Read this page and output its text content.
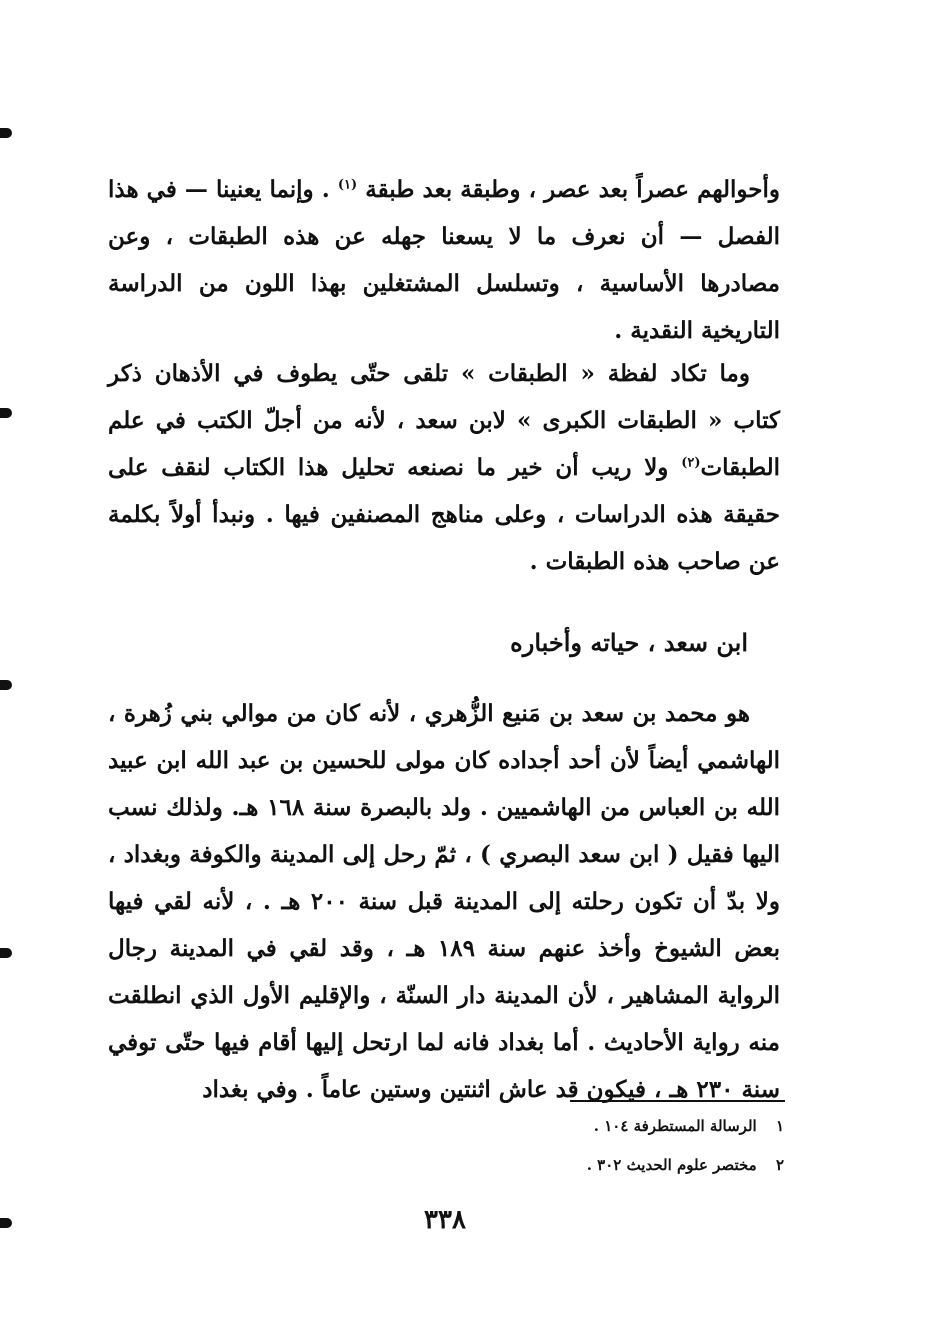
وأحوالهم عصراً بعد عصر ، وطبقة بعد طبقة $^{(١)}$ . وإنما يعنينا — في هذا الفصل — أن نعرف ما لا يسعنا جهله عن هذه الطبقات ، وعن مصادرها الأساسية ، وتسلسل المشتغلين بهذا اللون من الدراسة التاريخية النقدية .

وما تكاد لفظة « الطبقات » تلقى حتّى يطوف في الأذهان ذكر كتاب « الطبقات الكبرى » لابن سعد ، لأنه من أجلّ الكتب في علم الطبقات$^{(٢)}$ ولا ريب أن خير ما نصنعه تحليل هذا الكتاب لنقف على حقيقة هذه الدراسات ، وعلى مناهج المصنفين فيها . ونبدأ أولاً بكلمة عن صاحب هذه الطبقات .

ابن سعد ، حياته وأخباره

هو محمد بن سعد بن مَنيع الزُّهري ، لأنه كان من موالي بني زُهرة ، الهاشمي أيضاً لأن أحد أجداده كان مولى للحسين بن عبد الله ابن عبيد الله بن العباس من الهاشميين . ولد بالبصرة سنة ١٦٨ هـ. ولذلك نسب اليها فقيل ( ابن سعد البصري ) ، ثمّ رحل إلى المدينة والكوفة وبغداد ، ولا بدّ أن تكون رحلته إلى المدينة قبل سنة ٢٠٠ هـ . ، لأنه لقي فيها بعض الشيوخ وأخذ عنهم سنة ١٨٩ هـ ، وقد لقي في المدينة رجال الرواية المشاهير ، لأن المدينة دار السنّة ، والإقليم الأول الذي انطلقت منه رواية الأحاديث . أما بغداد فانه لما ارتحل إليها أقام فيها حتّى توفي سنة ٢٣٠ هـ ، فيكون قد عاش اثنتين وستين عاماً . وفي بغداد

١ الرسالة المستطرفة ١٠٤ .
٢ مختصر علوم الحديث ٣٠٢ .
٣٣٨
